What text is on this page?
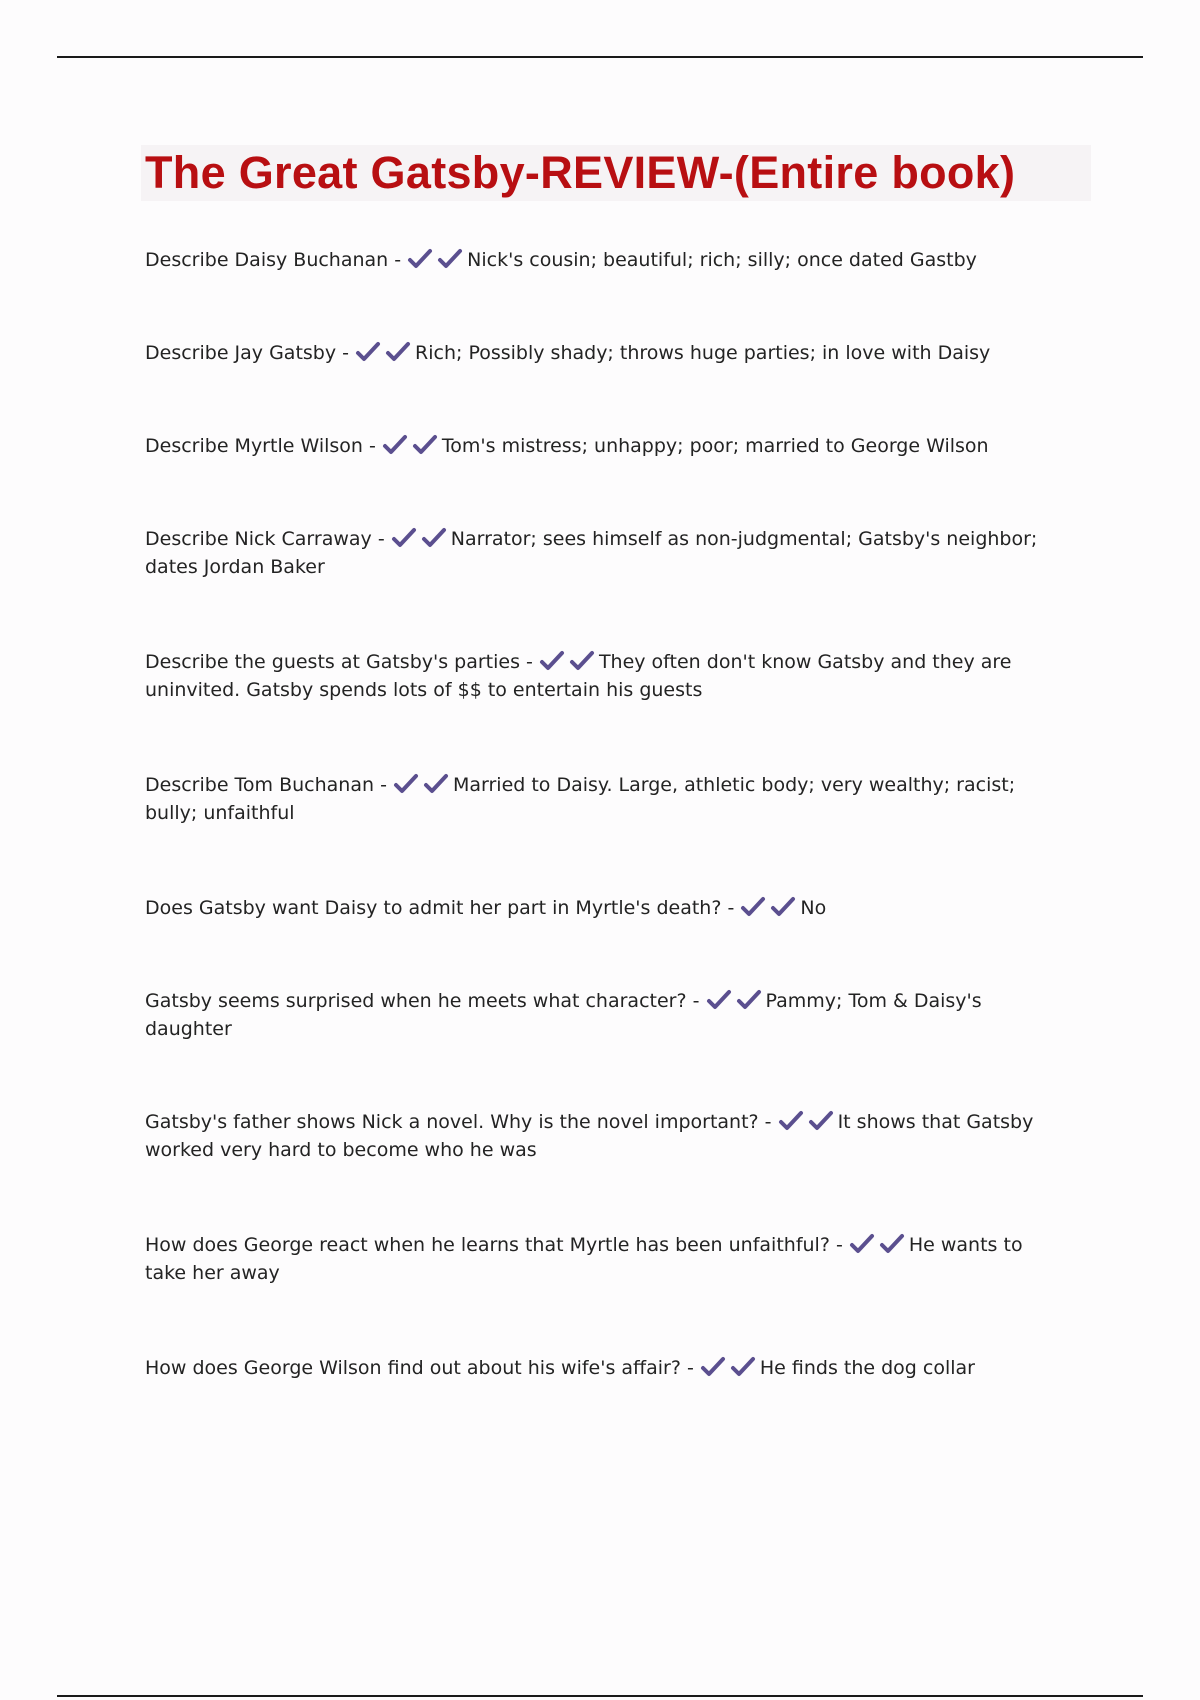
The Great Gatsby-REVIEW-(Entire book)
Describe Daisy Buchanan -	Nick's cousin; beautiful; rich; silly; once dated Gastby
Describe Jay Gatsby -	Rich; Possibly shady; throws huge parties; in love with Daisy
Describe Myrtle Wilson -	Tom's mistress; unhappy; poor; married to George Wilson
Describe Nick Carraway -	Narrator; sees himself as non-judgmental; Gatsby's neighbor; dates Jordan Baker
Describe the guests at Gatsby's parties -	They often don't know Gatsby and they are uninvited. Gatsby spends lots of $$ to entertain his guests
Describe Tom Buchanan -	Married to Daisy. Large, athletic body; very wealthy; racist; bully; unfaithful
Does Gatsby want Daisy to admit her part in Myrtle's death? -	No
Gatsby seems surprised when he meets what character? -	Pammy; Tom & Daisy's daughter
Gatsby's father shows Nick a novel. Why is the novel important? -	It shows that Gatsby worked very hard to become who he was
How does George react when he learns that Myrtle has been unfaithful? -	He wants to take her away
How does George Wilson find out about his wife's affair? -	He finds the dog collar
